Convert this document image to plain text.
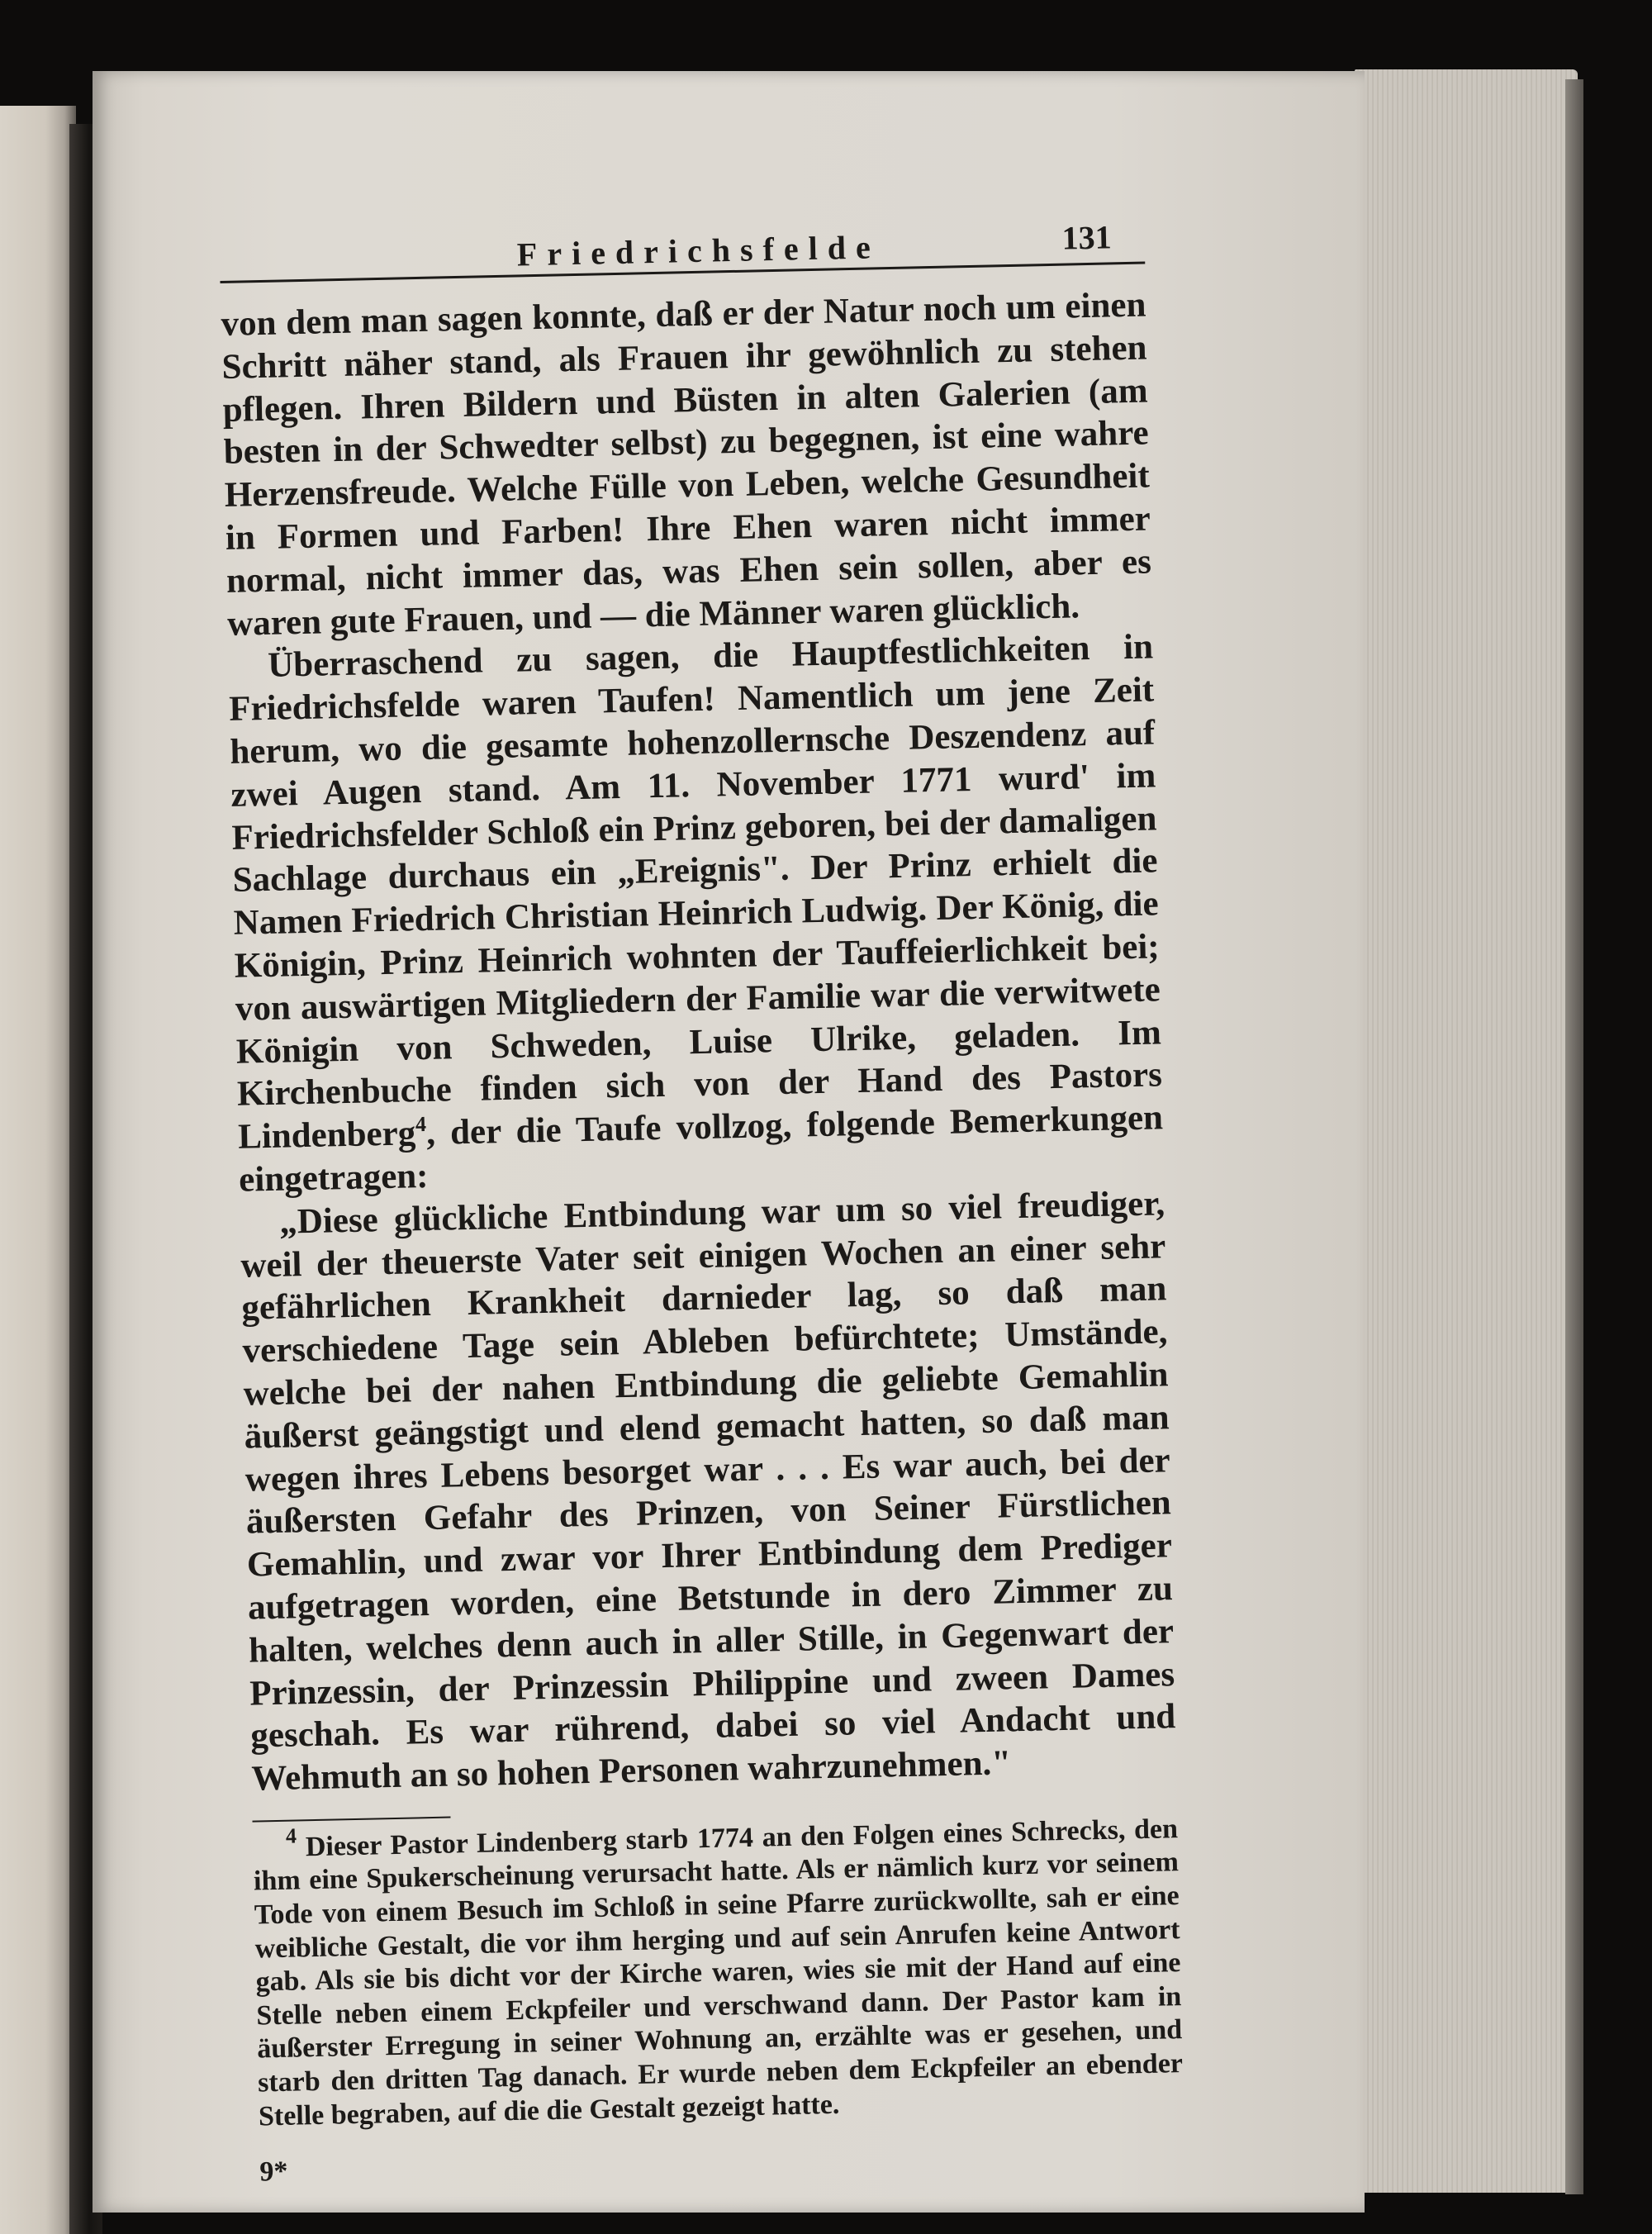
Friedrichsfelde	131

von dem man sagen konnte, daß er der Natur noch um einen Schritt näher stand, als Frauen ihr gewöhnlich zu stehen pflegen. Ihren Bildern und Büsten in alten Galerien (am besten in der Schwedter selbst) zu begegnen, ist eine wahre Herzensfreude. Welche Fülle von Leben, welche Gesundheit in Formen und Farben! Ihre Ehen waren nicht immer normal, nicht immer das, was Ehen sein sollen, aber es waren gute Frauen, und — die Männer waren glücklich.

Überraschend zu sagen, die Hauptfestlichkeiten in Friedrichsfelde waren Taufen! Namentlich um jene Zeit herum, wo die gesamte hohenzollernsche Deszendenz auf zwei Augen stand. Am 11. November 1771 wurd' im Friedrichsfelder Schloß ein Prinz geboren, bei der damaligen Sachlage durchaus ein „Ereignis". Der Prinz erhielt die Namen Friedrich Christian Heinrich Ludwig. Der König, die Königin, Prinz Heinrich wohnten der Tauffeierlichkeit bei; von auswärtigen Mitgliedern der Familie war die verwitwete Königin von Schweden, Luise Ulrike, geladen. Im Kirchenbuche finden sich von der Hand des Pastors Lindenberg$^4$, der die Taufe vollzog, folgende Bemerkungen eingetragen:

„Diese glückliche Entbindung war um so viel freudiger, weil der theuerste Vater seit einigen Wochen an einer sehr gefährlichen Krankheit darnieder lag, so daß man verschiedene Tage sein Ableben befürchtete; Umstände, welche bei der nahen Entbindung die geliebte Gemahlin äußerst geängstigt und elend gemacht hatten, so daß man wegen ihres Lebens besorget war . . . Es war auch, bei der äußersten Gefahr des Prinzen, von Seiner Fürstlichen Gemahlin, und zwar vor Ihrer Entbindung dem Prediger aufgetragen worden, eine Betstunde in dero Zimmer zu halten, welches denn auch in aller Stille, in Gegenwart der Prinzessin, der Prinzessin Philippine und zween Dames geschah. Es war rührend, dabei so viel Andacht und Wehmuth an so hohen Personen wahrzunehmen."

$^4$ Dieser Pastor Lindenberg starb 1774 an den Folgen eines Schrecks, den ihm eine Spukerscheinung verursacht hatte. Als er nämlich kurz vor seinem Tode von einem Besuch im Schloß in seine Pfarre zurückwollte, sah er eine weibliche Gestalt, die vor ihm herging und auf sein Anrufen keine Antwort gab. Als sie bis dicht vor der Kirche waren, wies sie mit der Hand auf eine Stelle neben einem Eckpfeiler und verschwand dann. Der Pastor kam in äußerster Erregung in seiner Wohnung an, erzählte was er gesehen, und starb den dritten Tag danach. Er wurde neben dem Eckpfeiler an ebender Stelle begraben, auf die die Gestalt gezeigt hatte.

9*
